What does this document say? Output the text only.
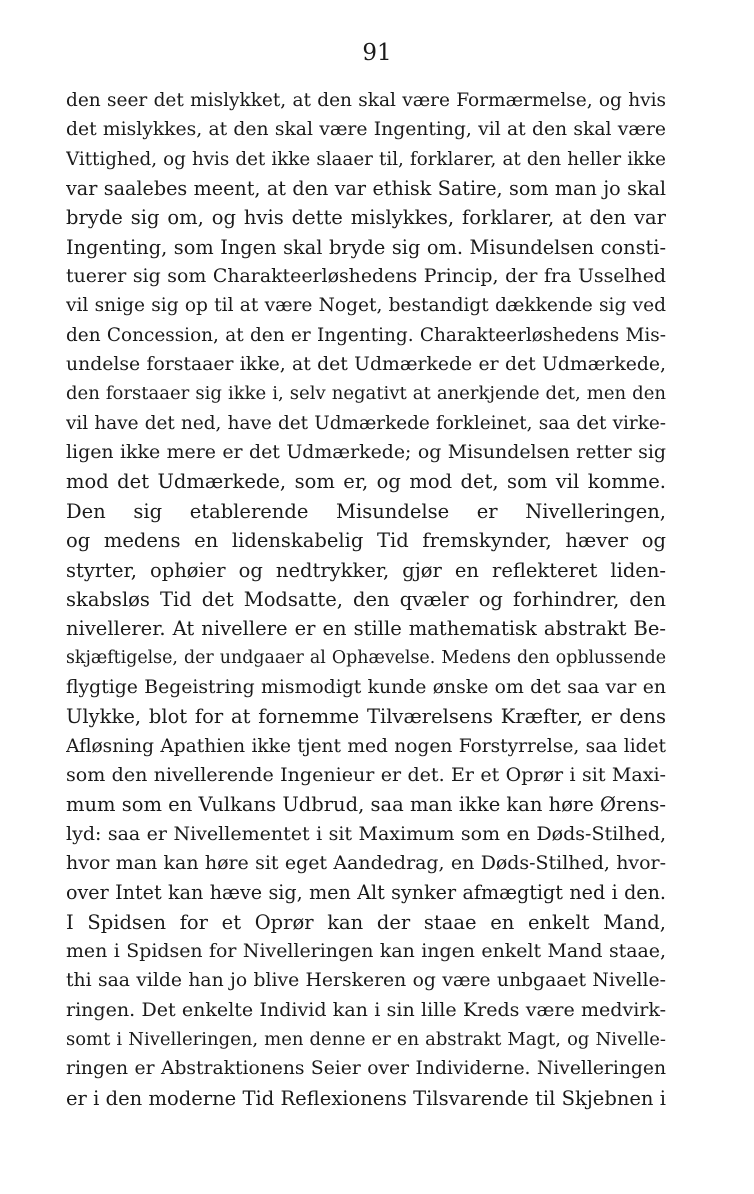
91
den seer det mislykket, at den skal være Formærmelse, og hvis
det mislykkes, at den skal være Ingenting, vil at den skal være
Vittighed, og hvis det ikke slaaer til, forklarer, at den heller ikke
var saalebes meent, at den var ethisk Satire, som man jo skal
bryde sig om, og hvis dette mislykkes, forklarer, at den var
Ingenting, som Ingen skal bryde sig om. Misundelsen consti-
tuerer sig som Charakteerløshedens Princip, der fra Usselhed
vil snige sig op til at være Noget, bestandigt dækkende sig ved
den Concession, at den er Ingenting. Charakteerløshedens Mis-
undelse forstaaer ikke, at det Udmærkede er det Udmærkede,
den forstaaer sig ikke i, selv negativt at anerkjende det, men den
vil have det ned, have det Udmærkede forkleinet, saa det virke-
ligen ikke mere er det Udmærkede; og Misundelsen retter sig
mod det Udmærkede, som er, og mod det, som vil komme.
Den sig etablerende Misundelse er Nivelleringen,
og medens en lidenskabelig Tid fremskynder, hæver og
styrter, ophøier og nedtrykker, gjør en reflekteret liden-
skabsløs Tid det Modsatte, den qvæler og forhindrer, den
nivellerer. At nivellere er en stille mathematisk abstrakt Be-
skjæftigelse, der undgaaer al Ophævelse. Medens den opblussende
flygtige Begeistring mismodigt kunde ønske om det saa var en
Ulykke, blot for at fornemme Tilværelsens Kræfter, er dens
Afløsning Apathien ikke tjent med nogen Forstyrrelse, saa lidet
som den nivellerende Ingenieur er det. Er et Oprør i sit Maxi-
mum som en Vulkans Udbrud, saa man ikke kan høre Ørens-
lyd: saa er Nivellementet i sit Maximum som en Døds-Stilhed,
hvor man kan høre sit eget Aandedrag, en Døds-Stilhed, hvor-
over Intet kan hæve sig, men Alt synker afmægtigt ned i den.
I Spidsen for et Oprør kan der staae en enkelt Mand,
men i Spidsen for Nivelleringen kan ingen enkelt Mand staae,
thi saa vilde han jo blive Herskeren og være unbgaaet Nivelle-
ringen. Det enkelte Individ kan i sin lille Kreds være medvirk-
somt i Nivelleringen, men denne er en abstrakt Magt, og Nivelle-
ringen er Abstraktionens Seier over Individerne. Nivelleringen
er i den moderne Tid Reflexionens Tilsvarende til Skjebnen i
